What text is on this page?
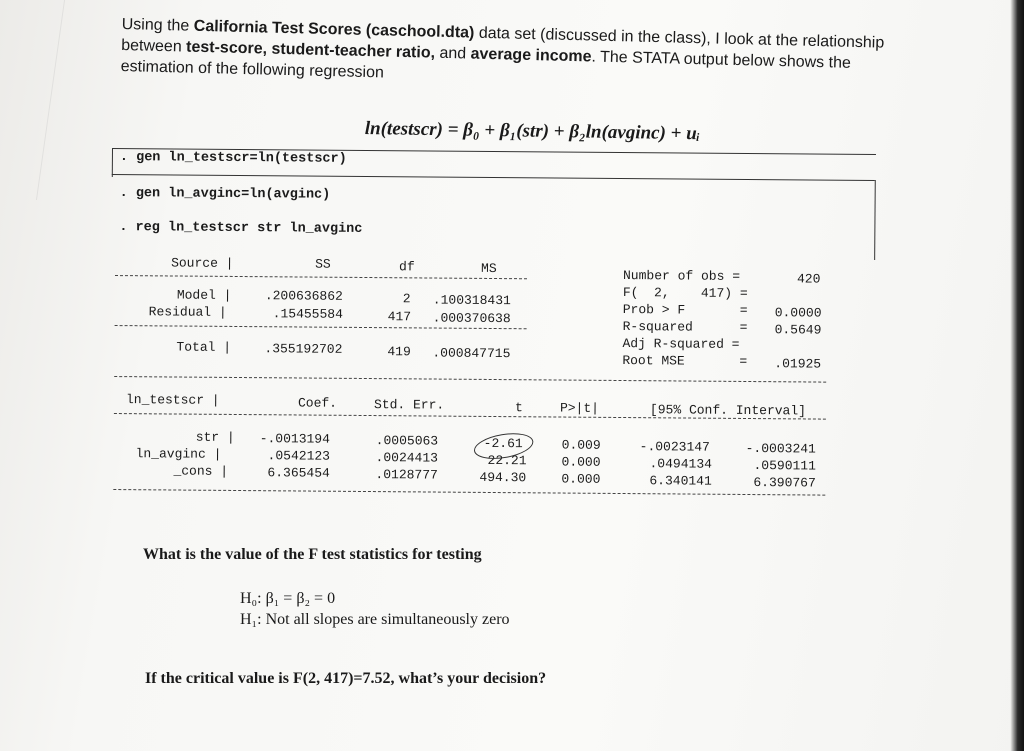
Using the California Test Scores (caschool.dta) data set (discussed in the class), I look at the relationship
between test-score, student-teacher ratio, and average income. The STATA output below shows the
estimation of the following regression
ln(testscr) = β₀ + β₁(str) + β₂ln(avginc) + uᵢ
. gen ln_testscr=ln(testscr)
. gen ln_avginc=ln(avginc)
. reg ln_testscr str ln_avginc
Source |	SS	df	MS
Model |	.200636862	2 .100318431
Residual |	.15455584	417 .000370638
Total |	.355192702	419 .000847715
Number of obs =	420
F(  2,    417) =
Prob > F       = 0.0000
R-squared      = 0.5649
Adj R-squared =
Root MSE       = .01925
ln_testscr |	Coef.	Std. Err.	t	P>|t|	[95% Conf. Interval]
str | -.0013194	.0005063	-2.61	0.009	-.0023147	-.0003241
ln_avginc |	.0542123	.0024413	22.21	0.000	.0494134	.0590111
_cons |	6.365454	.0128777	494.30	0.000	6.340141	6.390767
What is the value of the F test statistics for testing
H₀: β₁ = β₂ = 0
H₁: Not all slopes are simultaneously zero
If the critical value is F(2, 417)=7.52, what’s your decision?
